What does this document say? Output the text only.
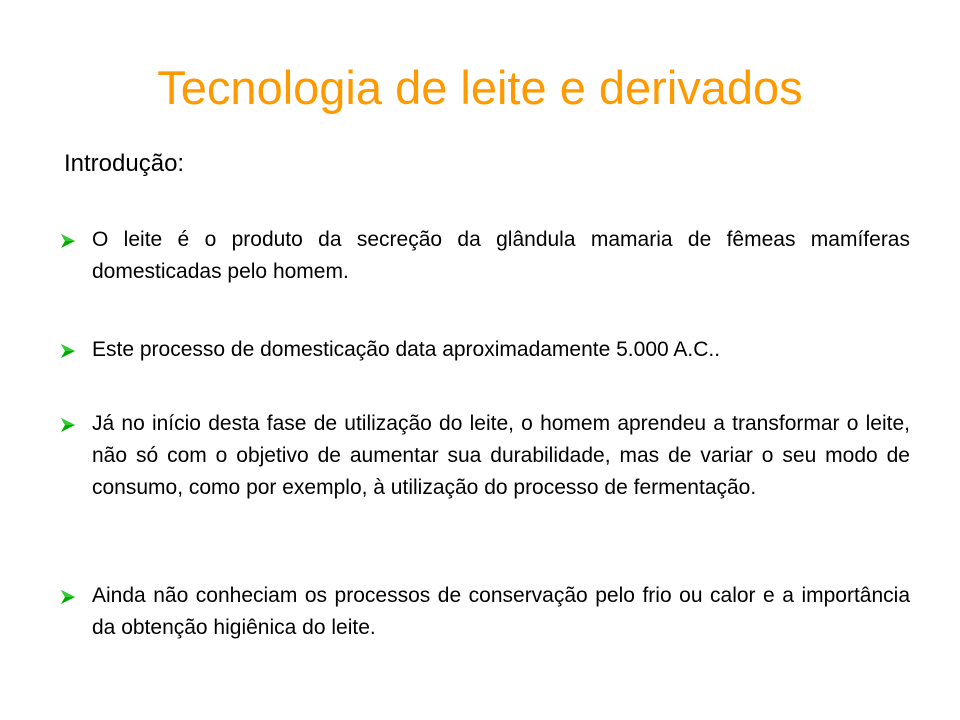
Tecnologia de leite e derivados
Introdução:
O leite é o produto da secreção da glândula mamaria de fêmeas mamíferas domesticadas pelo homem.
Este processo de domesticação data aproximadamente 5.000 A.C..
Já no início desta fase de utilização do leite, o homem aprendeu a transformar o leite, não só com o objetivo de aumentar sua durabilidade, mas de variar o seu modo de consumo, como por exemplo, à utilização do processo de fermentação.
Ainda não conheciam os processos de conservação pelo frio ou calor e a importância da obtenção higiênica do leite.
